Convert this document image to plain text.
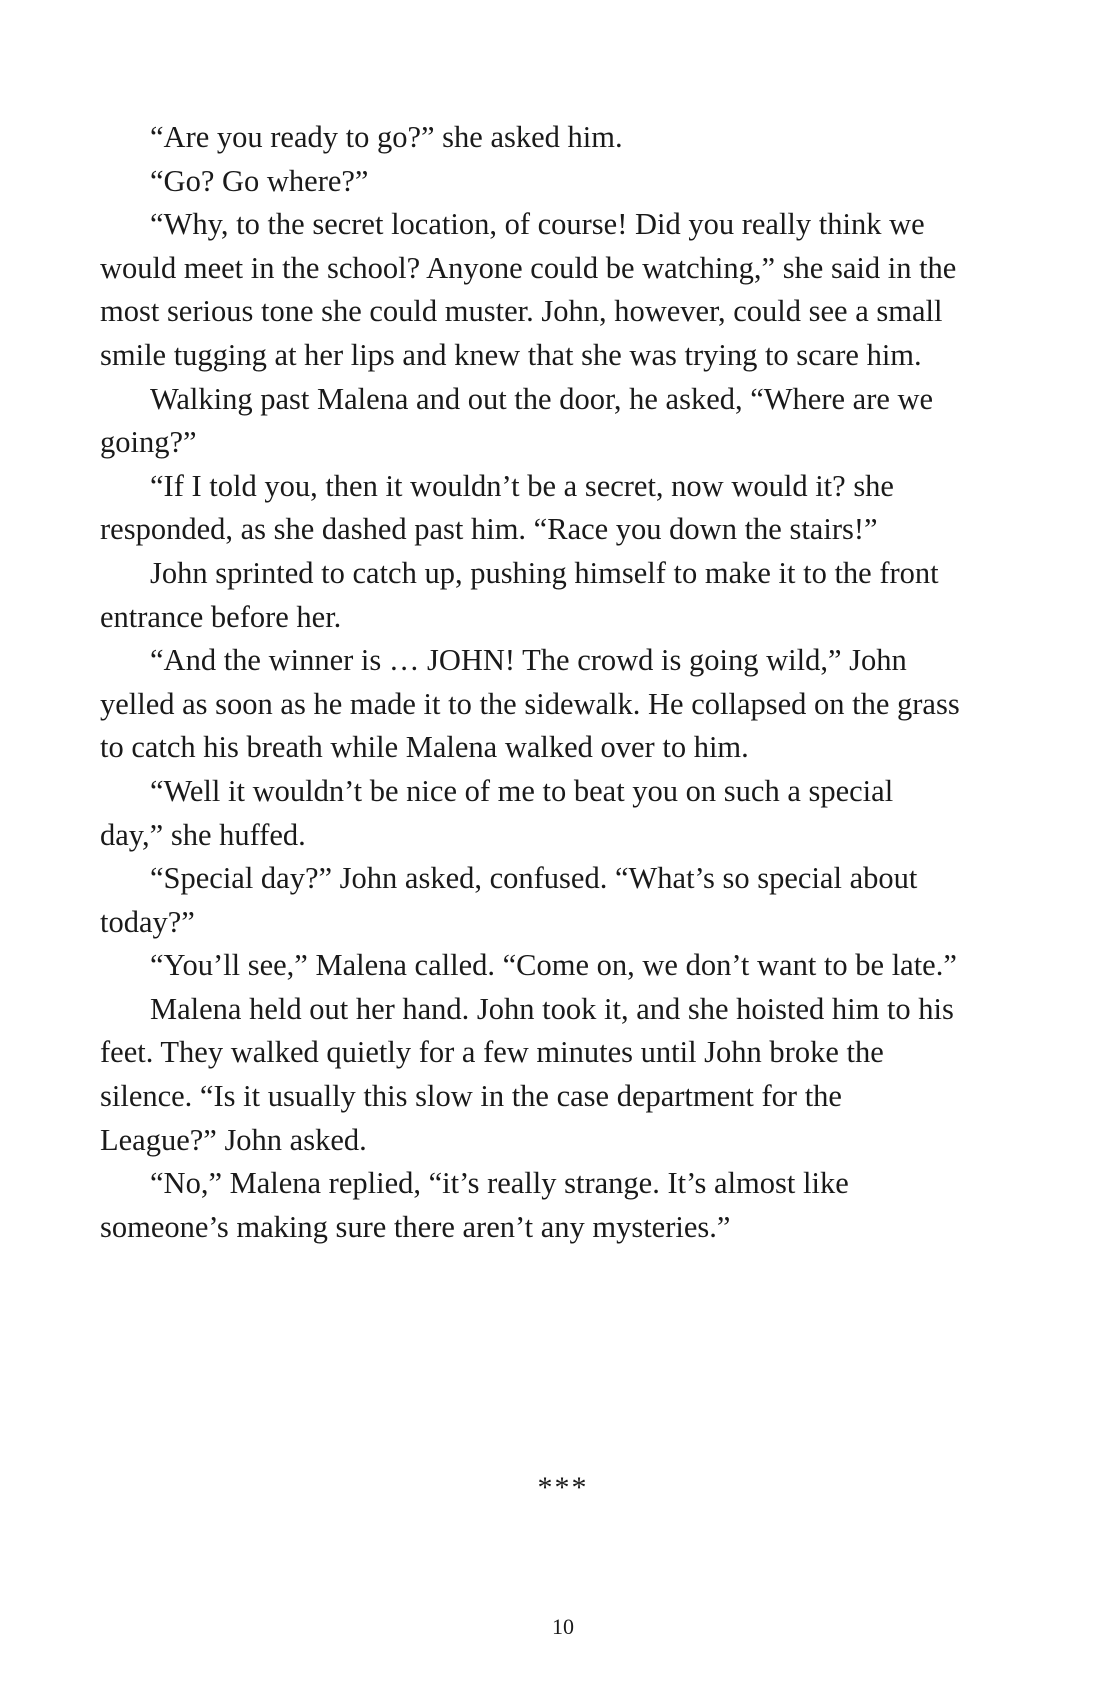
“Are you ready to go?” she asked him.

“Go? Go where?”

“Why, to the secret location, of course! Did you really think we would meet in the school? Anyone could be watching,” she said in the most serious tone she could muster. John, however, could see a small smile tugging at her lips and knew that she was trying to scare him.

Walking past Malena and out the door, he asked, “Where are we going?”

“If I told you, then it wouldn’t be a secret, now would it? she responded, as she dashed past him. “Race you down the stairs!”

John sprinted to catch up, pushing himself to make it to the front entrance before her.

“And the winner is … JOHN! The crowd is going wild,” John yelled as soon as he made it to the sidewalk. He collapsed on the grass to catch his breath while Malena walked over to him.

“Well it wouldn’t be nice of me to beat you on such a special day,” she huffed.

“Special day?” John asked, confused. “What’s so special about today?”

“You’ll see,” Malena called. “Come on, we don’t want to be late.”

Malena held out her hand. John took it, and she hoisted him to his feet. They walked quietly for a few minutes until John broke the silence. “Is it usually this slow in the case department for the League?” John asked.

“No,” Malena replied, “it’s really strange. It’s almost like someone’s making sure there aren’t any mysteries.”

***
10
